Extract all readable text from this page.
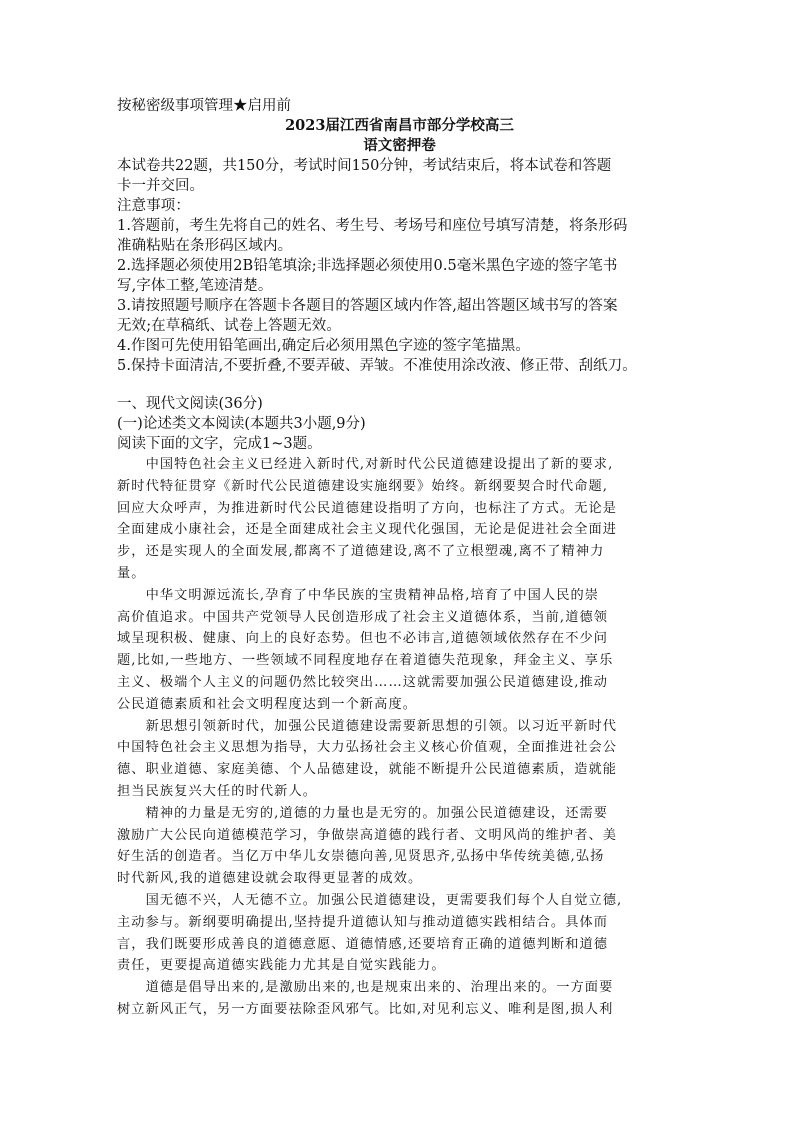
按秘密级事项管理★启用前
2023届江西省南昌市部分学校高三
语文密押卷
本试卷共22题，共150分，考试时间150分钟，考试结束后，将本试卷和答题
卡一并交回。
注意事项：
1.答题前，考生先将自己的姓名、考生号、考场号和座位号填写清楚，将条形码
准确粘贴在条形码区域内。
2.选择题必须使用2B铅笔填涂;非选择题必须使用0.5毫米黑色字迹的签字笔书
写,字体工整,笔迹清楚。
3.请按照题号顺序在答题卡各题目的答题区域内作答,超出答题区域书写的答案
无效;在草稿纸、试卷上答题无效。
4.作图可先使用铅笔画出,确定后必须用黑色字迹的签字笔描黑。
5.保持卡面清洁,不要折叠,不要弄破、弄皱。不准使用涂改液、修正带、刮纸刀。
一、现代文阅读(36分)
(一)论述类文本阅读(本题共3小题,9分)
阅读下面的文字，完成1~3题。
　　中国特色社会主义已经进入新时代,对新时代公民道德建设提出了新的要求,
新时代特征贯穿《新时代公民道德建设实施纲要》始终。新纲要契合时代命题,
回应大众呼声，为推进新时代公民道德建设指明了方向，也标注了方式。无论是
全面建成小康社会，还是全面建成社会主义现代化强国，无论是促进社会全面进
步，还是实现人的全面发展,都离不了道德建设,离不了立根塑魂,离不了精神力
量。
　　中华文明源远流长,孕育了中华民族的宝贵精神品格,培育了中国人民的崇
高价值追求。中国共产党领导人民创造形成了社会主义道德体系，当前,道德领
域呈现积极、健康、向上的良好态势。但也不必讳言,道德领域依然存在不少问
题,比如,一些地方、一些领域不同程度地存在着道德失范现象，拜金主义、享乐
主义、极端个人主义的问题仍然比较突出……这就需要加强公民道德建设,推动
公民道德素质和社会文明程度达到一个新高度。
　　新思想引领新时代，加强公民道德建设需要新思想的引领。以习近平新时代
中国特色社会主义思想为指导，大力弘扬社会主义核心价值观，全面推进社会公
德、职业道德、家庭美德、个人品德建设，就能不断提升公民道德素质，造就能
担当民族复兴大任的时代新人。
　　精神的力量是无穷的,道德的力量也是无穷的。加强公民道德建设，还需要
激励广大公民向道德模范学习，争做崇高道德的践行者、文明风尚的维护者、美
好生活的创造者。当亿万中华儿女崇德向善,见贤思齐,弘扬中华传统美德,弘扬
时代新风,我的道德建设就会取得更显著的成效。
　　国无德不兴，人无德不立。加强公民道德建设，更需要我们每个人自觉立德,
主动参与。新纲要明确提出,坚持提升道德认知与推动道德实践相结合。具体而
言，我们既要形成善良的道德意愿、道德情感,还要培育正确的道德判断和道德
责任，更要提高道德实践能力尤其是自觉实践能力。
　　道德是倡导出来的,是激励出来的,也是规束出来的、治理出来的。一方面要
树立新风正气，另一方面要祛除歪风邪气。比如,对见利忘义、唯利是图,损人利
